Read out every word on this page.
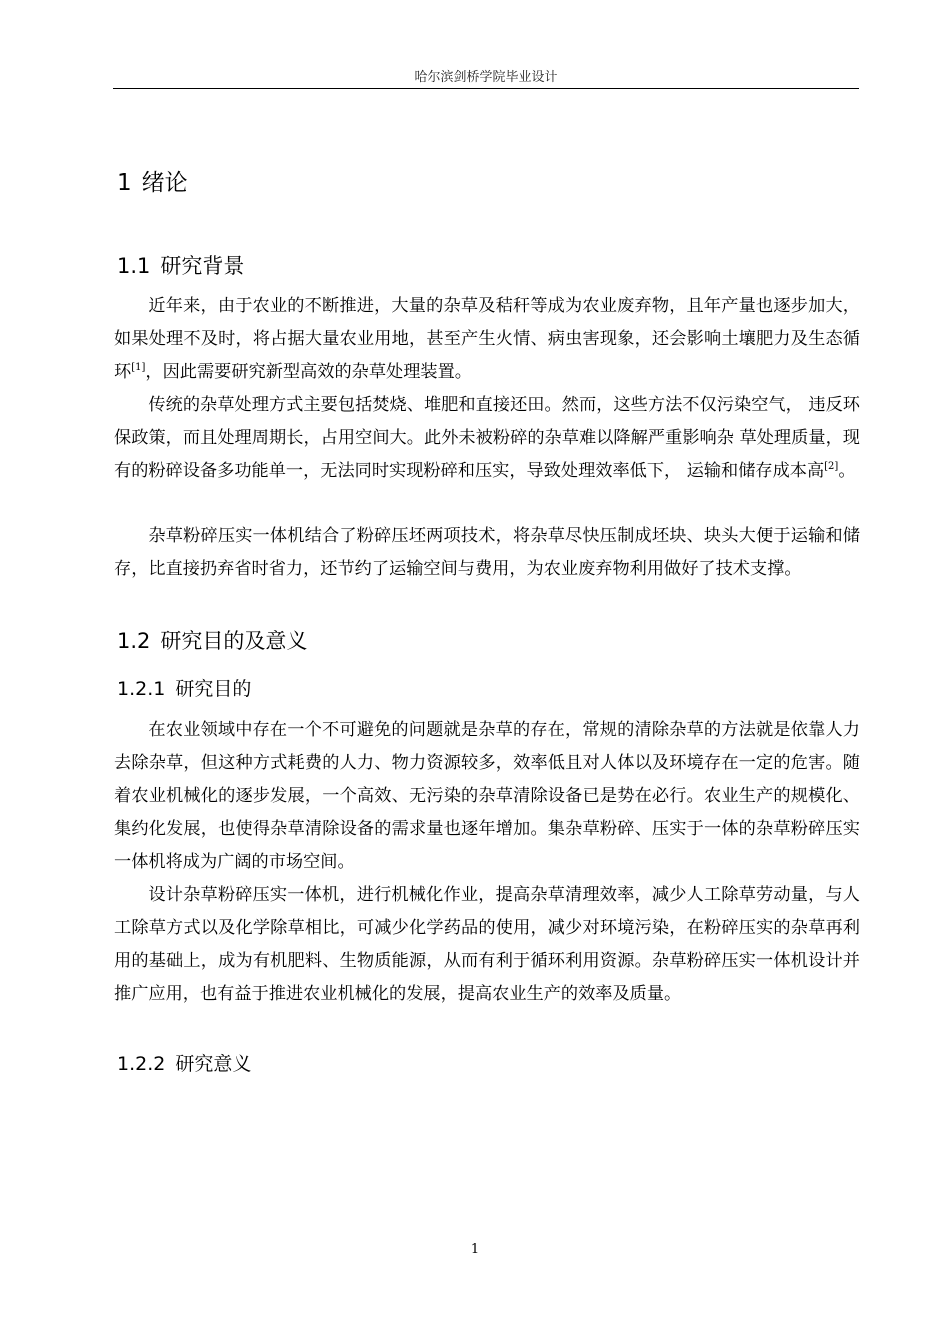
哈尔滨剑桥学院毕业设计
1 绪论
1.1 研究背景

近年来，由于农业的不断推进，大量的杂草及秸秆等成为农业废弃物，且年产量也逐步加大，如果处理不及时，将占据大量农业用地，甚至产生火情、病虫害现象，还会影响土壤肥力及生态循环[1]，因此需要研究新型高效的杂草处理装置。

传统的杂草处理方式主要包括焚烧、堆肥和直接还田。然而，这些方法不仅污染空气， 违反环保政策，而且处理周期长，占用空间大。此外未被粉碎的杂草难以降解严重影响杂 草处理质量，现有的粉碎设备多功能单一，无法同时实现粉碎和压实，导致处理效率低下， 运输和储存成本高[2]。

杂草粉碎压实一体机结合了粉碎压坯两项技术，将杂草尽快压制成坯块、块头大便于运输和储存，比直接扔弃省时省力，还节约了运输空间与费用，为农业废弃物利用做好了技术支撑。

1.2 研究目的及意义
1.2.1 研究目的

在农业领域中存在一个不可避免的问题就是杂草的存在，常规的清除杂草的方法就是依靠人力去除杂草，但这种方式耗费的人力、物力资源较多，效率低且对人体以及环境存在一定的危害。随着农业机械化的逐步发展，一个高效、无污染的杂草清除设备已是势在必行。农业生产的规模化、集约化发展，也使得杂草清除设备的需求量也逐年增加。集杂草粉碎、压实于一体的杂草粉碎压实一体机将成为广阔的市场空间。

设计杂草粉碎压实一体机，进行机械化作业，提高杂草清理效率，减少人工除草劳动量，与人工除草方式以及化学除草相比，可减少化学药品的使用，减少对环境污染，在粉碎压实的杂草再利用的基础上，成为有机肥料、生物质能源，从而有利于循环利用资源。杂草粉碎压实一体机设计并推广应用，也有益于推进农业机械化的发展，提高农业生产的效率及质量。

1.2.2 研究意义
1
